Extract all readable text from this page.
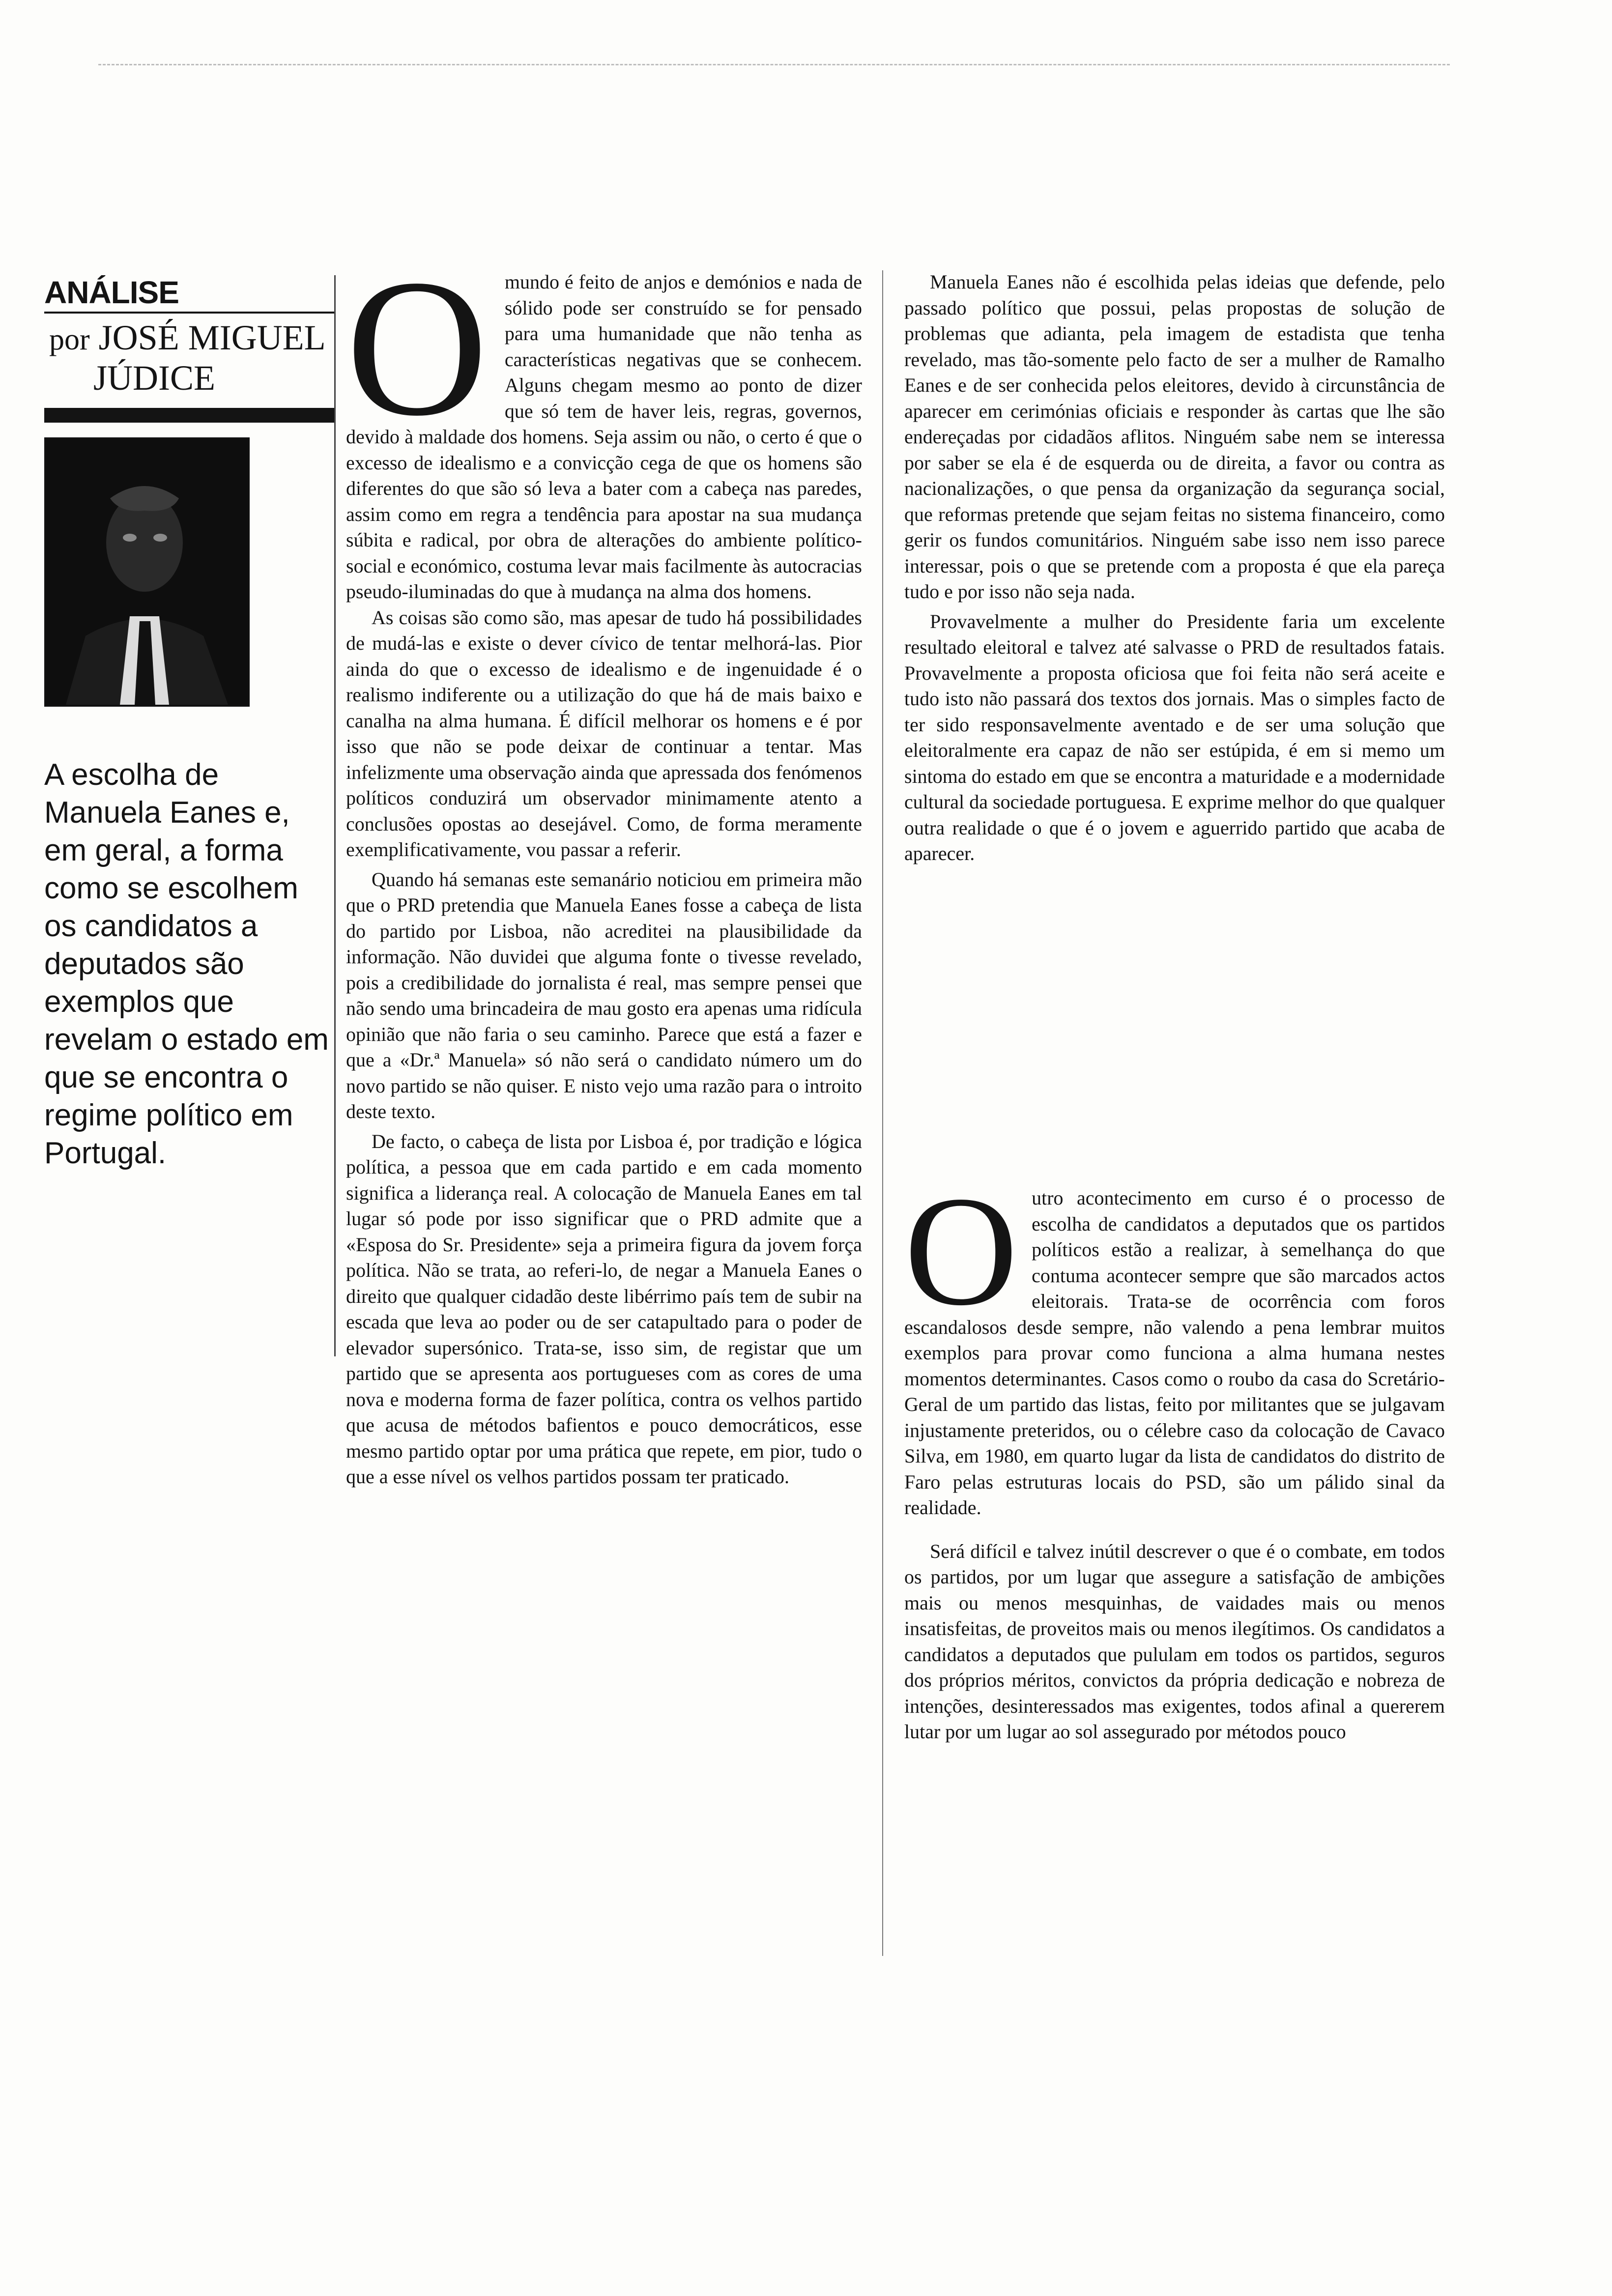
ANÁLISE

por JOSÉ MIGUEL
JÚDICE

A escolha de Manuela Eanes e, em geral, a forma como se escolhem os candidatos a deputados são exemplos que revelam o estado em que se encontra o regime político em Portugal.

O mundo é feito de anjos e demónios e nada de sólido pode ser construído se for pensado para uma humanidade que não tenha as características negativas que se conhecem. Alguns chegam mesmo ao ponto de dizer que só tem de haver leis, regras, governos, devido à maldade dos homens. Seja assim ou não, o certo é que o excesso de idealismo e a convicção cega de que os homens são diferentes do que são só leva a bater com a cabeça nas paredes, assim como em regra a tendência para apostar na sua mudança súbita e radical, por obra de alterações do ambiente político-social e económico, costuma levar mais facilmente às autocracias pseudo-iluminadas do que à mudança na alma dos homens.

As coisas são como são, mas apesar de tudo há possibilidades de mudá-las e existe o dever cívico de tentar melhorá-las. Pior ainda do que o excesso de idealismo e de ingenuidade é o realismo indiferente ou a utilização do que há de mais baixo e canalha na alma humana. É difícil melhorar os homens e é por isso que não se pode deixar de continuar a tentar. Mas infelizmente uma observação ainda que apressada dos fenómenos políticos conduzirá um observador minimamente atento a conclusões opostas ao desejável. Como, de forma meramente exemplificativamente, vou passar a referir.

Quando há semanas este semanário noticiou em primeira mão que o PRD pretendia que Manuela Eanes fosse a cabeça de lista do partido por Lisboa, não acreditei na plausibilidade da informação. Não duvidei que alguma fonte o tivesse revelado, pois a credibilidade do jornalista é real, mas sempre pensei que não sendo uma brincadeira de mau gosto era apenas uma ridícula opinião que não faria o seu caminho. Parece que está a fazer e que a «Dr.ª Manuela» só não será o candidato número um do novo partido se não quiser. E nisto vejo uma razão para o introito deste texto.

De facto, o cabeça de lista por Lisboa é, por tradição e lógica política, a pessoa que em cada partido e em cada momento significa a liderança real. A colocação de Manuela Eanes em tal lugar só pode por isso significar que o PRD admite que a «Esposa do Sr. Presidente» seja a primeira figura da jovem força política. Não se trata, ao referi-lo, de negar a Manuela Eanes o direito que qualquer cidadão deste libérrimo país tem de subir na escada que leva ao poder ou de ser catapultado para o poder de elevador supersónico. Trata-se, isso sim, de registar que um partido que se apresenta aos portugueses com as cores de uma nova e moderna forma de fazer política, contra os velhos partido que acusa de métodos bafientos e pouco democráticos, esse mesmo partido optar por uma prática que repete, em pior, tudo o que a esse nível os velhos partidos possam ter praticado.

Manuela Eanes não é escolhida pelas ideias que defende, pelo passado político que possui, pelas propostas de solução de problemas que adianta, pela imagem de estadista que tenha revelado, mas tão-somente pelo facto de ser a mulher de Ramalho Eanes e de ser conhecida pelos eleitores, devido à circunstância de aparecer em cerimónias oficiais e responder às cartas que lhe são endereçadas por cidadãos aflitos. Ninguém sabe nem se interessa por saber se ela é de esquerda ou de direita, a favor ou contra as nacionalizações, o que pensa da organização da segurança social, que reformas pretende que sejam feitas no sistema financeiro, como gerir os fundos comunitários. Ninguém sabe isso nem isso parece interessar, pois o que se pretende com a proposta é que ela pareça tudo e por isso não seja nada.

Provavelmente a mulher do Presidente faria um excelente resultado eleitoral e talvez até salvasse o PRD de resultados fatais. Provavelmente a proposta oficiosa que foi feita não será aceite e tudo isto não passará dos textos dos jornais. Mas o simples facto de ter sido responsavelmente aventado e de ser uma solução que eleitoralmente era capaz de não ser estúpida, é em si memo um sintoma do estado em que se encontra a maturidade e a modernidade cultural da sociedade portuguesa. E exprime melhor do que qualquer outra realidade o que é o jovem e aguerrido partido que acaba de aparecer.

O utro acontecimento em curso é o processo de escolha de candidatos a deputados que os partidos políticos estão a realizar, à semelhança do que contuma acontecer sempre que são marcados actos eleitorais. Trata-se de ocorrência com foros escandalosos desde sempre, não valendo a pena lembrar muitos exemplos para provar como funciona a alma humana nestes momentos determinantes. Casos como o roubo da casa do Scretário-Geral de um partido das listas, feito por militantes que se julgavam injustamente preteridos, ou o célebre caso da colocação de Cavaco Silva, em 1980, em quarto lugar da lista de candidatos do distrito de Faro pelas estruturas locais do PSD, são um pálido sinal da realidade.

Será difícil e talvez inútil descrever o que é o combate, em todos os partidos, por um lugar que assegure a satisfação de ambições mais ou menos mesquinhas, de vaidades mais ou menos insatisfeitas, de proveitos mais ou menos ilegítimos. Os candidatos a candidatos a deputados que pululam em todos os partidos, seguros dos próprios méritos, convictos da própria dedicação e nobreza de intenções, desinteressados mas exigentes, todos afinal a quererem lutar por um lugar ao sol assegurado por métodos pouco
